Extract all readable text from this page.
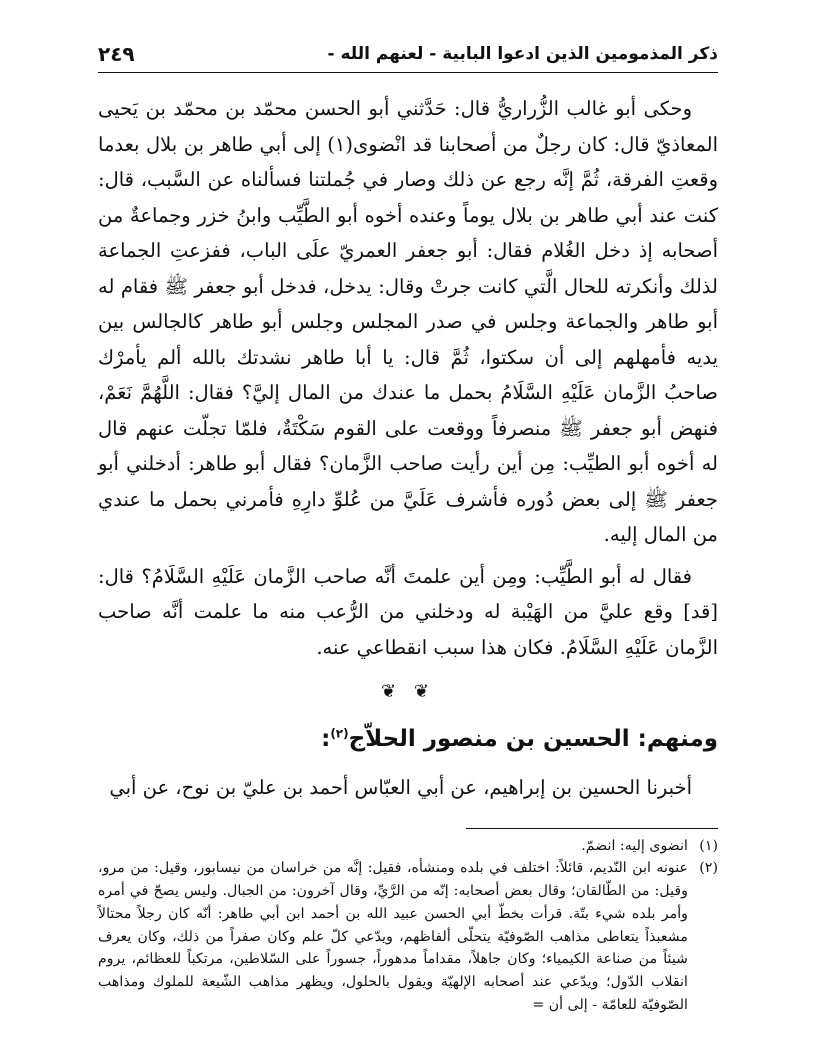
ذكر المذمومين الذين ادعوا البابية - لعنهم الله -
٢٤٩

وحكى أبو غالب الزُّراريُّ قال: حَدَّثني أبو الحسن محمّد بن محمّد بن يَحيى المعاذيّ قال: كان رجلٌ من أصحابنا قد انْضوى(١) إلى أبي طاهر بن بلال بعدما وقعتِ الفرقة، ثُمَّ إنَّه رجع عن ذلك وصار في جُملتنا فسألناه عن السَّبب، قال: كنت عند أبي طاهر بن بلال يوماً وعنده أخوه أبو الطَّيِّب وابنُ خزر وجماعةٌ من أصحابه إذ دخل الغُلام فقال: أبو جعفر العمريّ علَى الباب، ففزعتِ الجماعة لذلك وأنكرته للحال الَّتي كانت جرتْ وقال: يدخل، فدخل أبو جعفر ﷺ فقام له أبو طاهر والجماعة وجلس في صدر المجلس وجلس أبو طاهر كالجالس بين يديه فأمهلهم إلى أن سكتوا، ثُمَّ قال: يا أبا طاهر نشدتك بالله ألم يأمرْك صاحبُ الزَّمان عَلَيْهِ السَّلَامُ بحمل ما عندك من المال إليَّ؟ فقال: اللَّهُمَّ نَعَمْ، فنهض أبو جعفر ﷺ منصرفاً ووقعت على القوم سَكْتَةٌ، فلمّا تجلّت عنهم قال له أخوه أبو الطيِّب: مِن أين رأيت صاحب الزَّمان؟ فقال أبو طاهر: أدخلني أبو جعفر ﷺ إلى بعض دُوره فأشرف عَلَيَّ من عُلوِّ دارِهِ فأمرني بحمل ما عندي من المال إليه.

فقال له أبو الطَّيِّب: ومِن أين علمتَ أنَّه صاحب الزَّمان عَلَيْهِ السَّلَامُ؟ قال: [قد] وقع عليَّ من الهَيْبة له ودخلني من الرُّعب منه ما علمت أنَّه صاحب الزَّمان عَلَيْهِ السَّلَامُ. فكان هذا سبب انقطاعي عنه.

❦ ❦
ومنهم: الحسين بن منصور الحلاّج$^{(٢)}$:

أخبرنا الحسين بن إبراهيم، عن أبي العبّاس أحمد بن عليّ بن نوح، عن أبي

(١)
انضوى إليه: انضمّ.
(٢)
عنونه ابن النّديم، قائلاً: اختلف في بلده ومنشأه، فقيل: إنَّه من خراسان من نيسابور، وقيل: من مرو، وقيل: من الطّالقان؛ وقال بعض أصحابه: إنّه من الرَّيِّ، وقال آخرون: من الجبال. وليس يصحّ في أمره وأمر بلده شيء بتّة. قرأت بخطّ أبي الحسن عبيد الله بن أحمد ابن أبي طاهر: أنّه كان رجلاً محتالاً مشعبذاً يتعاطى مذاهب الصّوفيّة يتحلّى ألفاظهم، ويدّعي كلّ علم وكان صفراً من ذلك، وكان يعرف شيئاً من صناعة الكيمياء؛ وكان جاهلاً، مقداماً مدهوراً، جسوراً على السّلاطين، مرتكباً للعظائم، يروم انقلاب الدّول؛ ويدّعي عند أصحابه الإلهيّة ويقول بالحلول، ويظهر مذاهب الشّيعة للملوك ومذاهب الصّوفيّة للعامّة - إلى أن =
